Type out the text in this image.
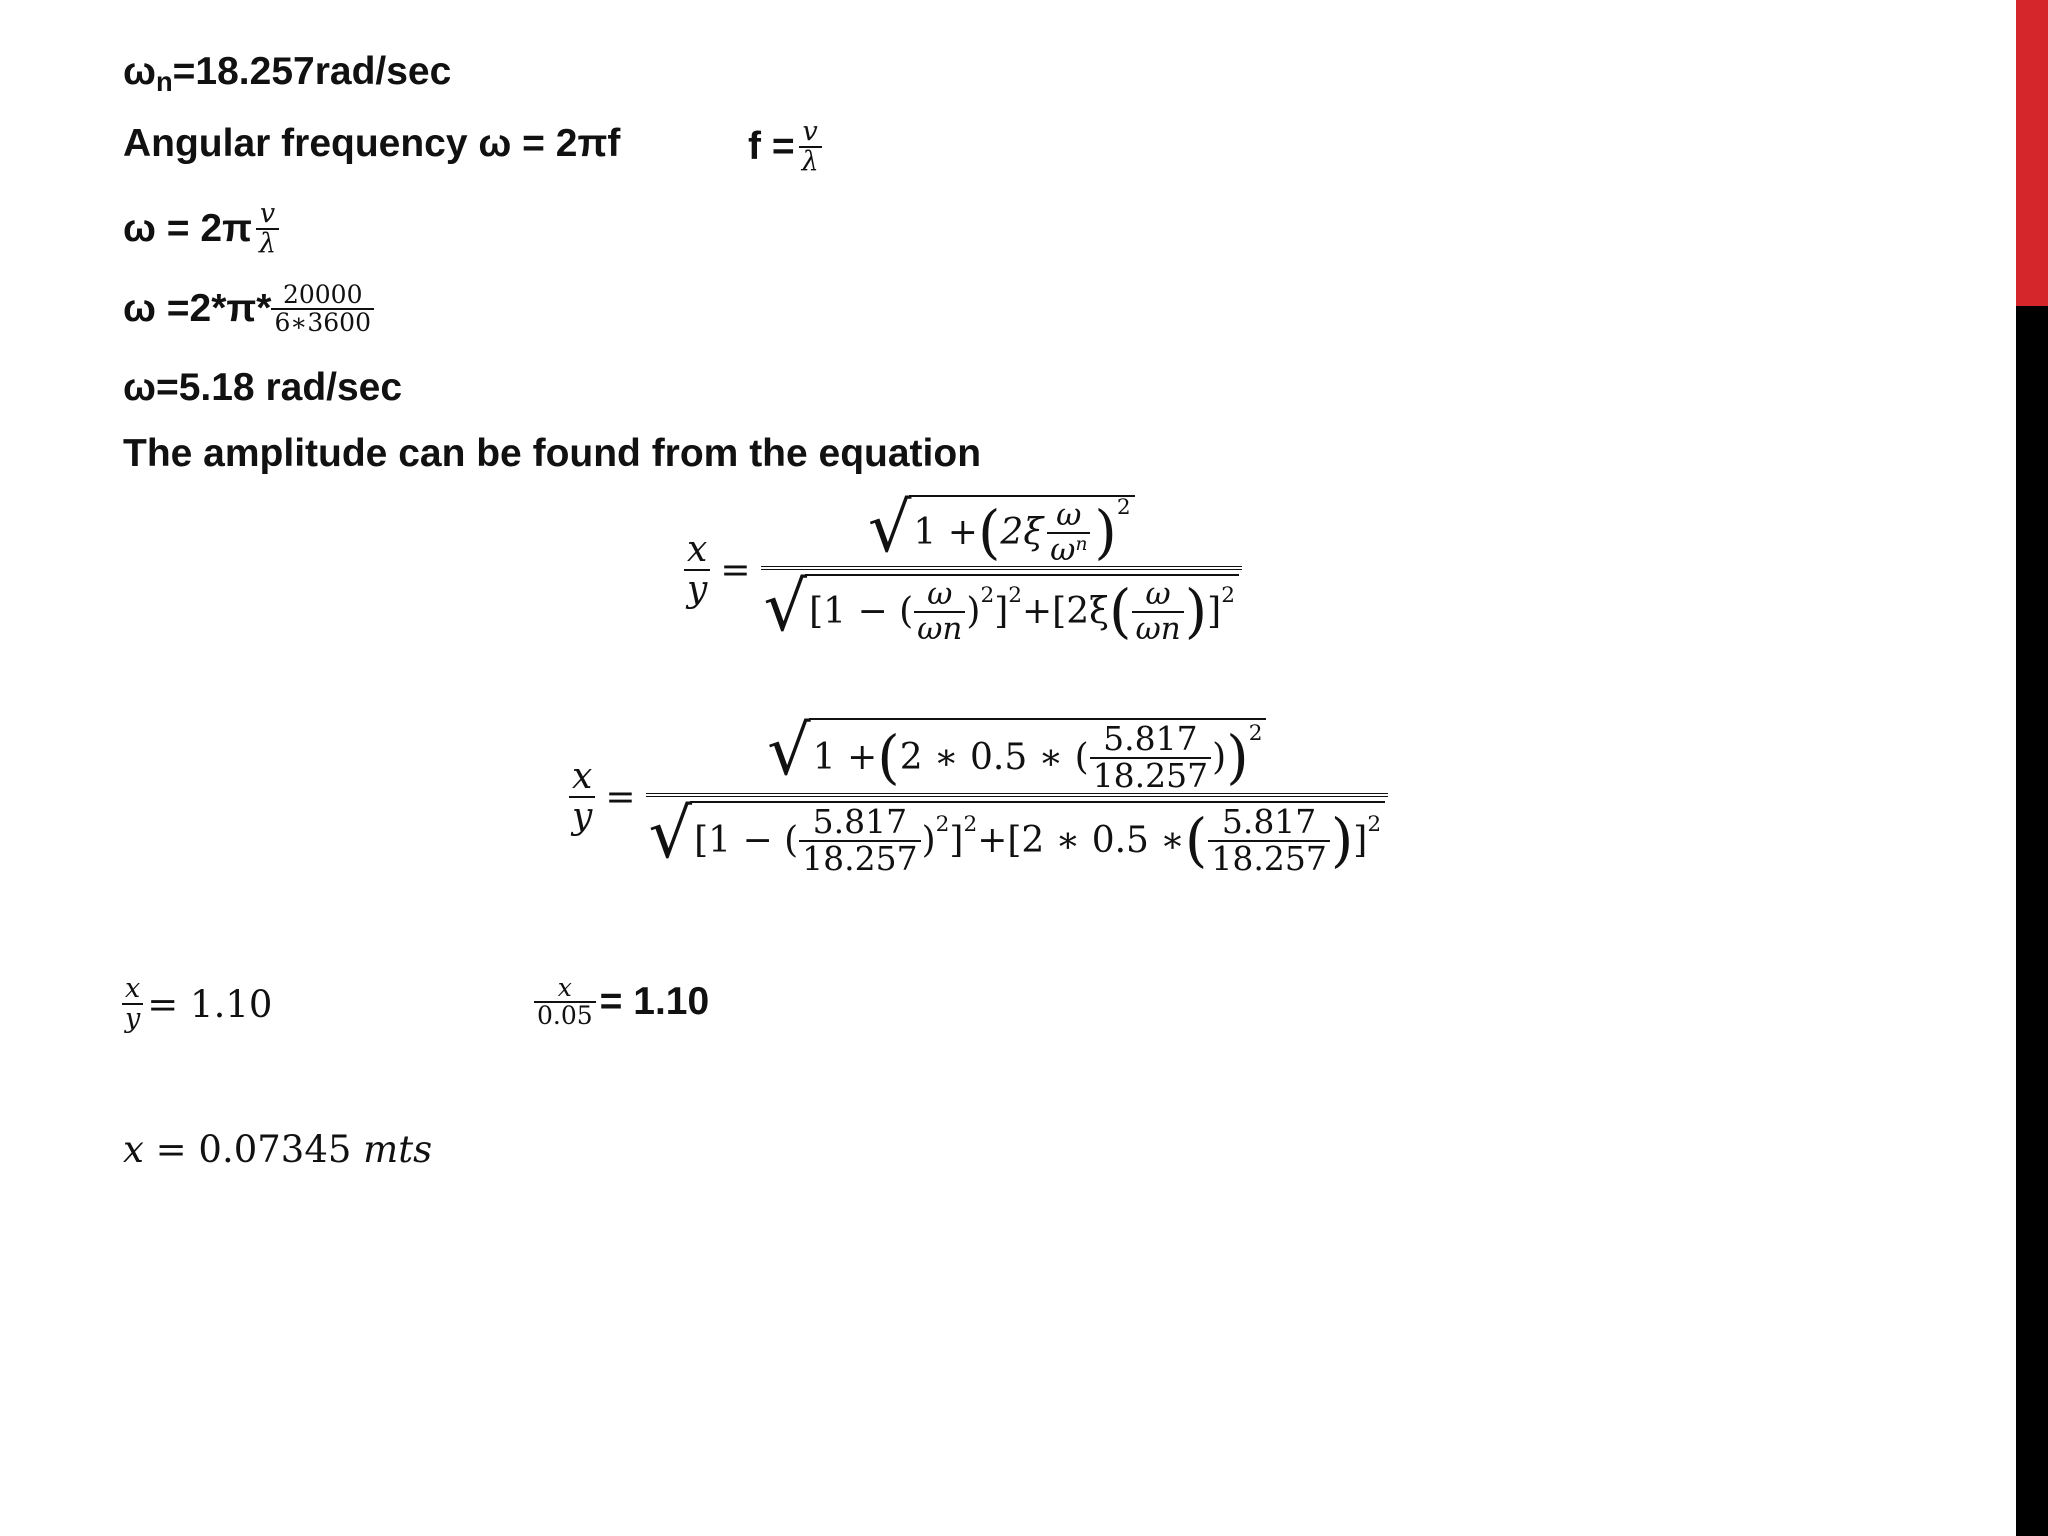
ω n =18.257rad/sec
Angular frequency ω = 2πf	$f = \frac{v}{\lambda}$
$\omega = 2\pi \frac{v}{\lambda}$
$\omega =2*\pi* \frac{20000}{6∗3600}$
ω=5.18 rad/sec
The amplitude can be found from the equation
$\frac{x}{y}$ =
√ 1 + ( $2\xi \frac{\omega}{\omega^n}$ ) 2
√ [1 − ( $\frac{\omega}{\omega n}$ ) 2 ] 2 +[2ξ ( $\frac{\omega}{\omega n}$ ) ] 2
$\frac{x}{y}$ =
√ 1 + ( 2 ∗ 0.5 ∗ ( $\frac{5.817}{18.257}$ ) ) 2
√ [1 − ( $\frac{5.817}{18.257}$ ) 2 ] 2 +[2 ∗ 0.5 ∗ ( $\frac{5.817}{18.257}$ ) ] 2
$\frac{x}{y} = 1.10$	$\frac{x}{0.05} = 1.10$
x = 0.07345 mts
